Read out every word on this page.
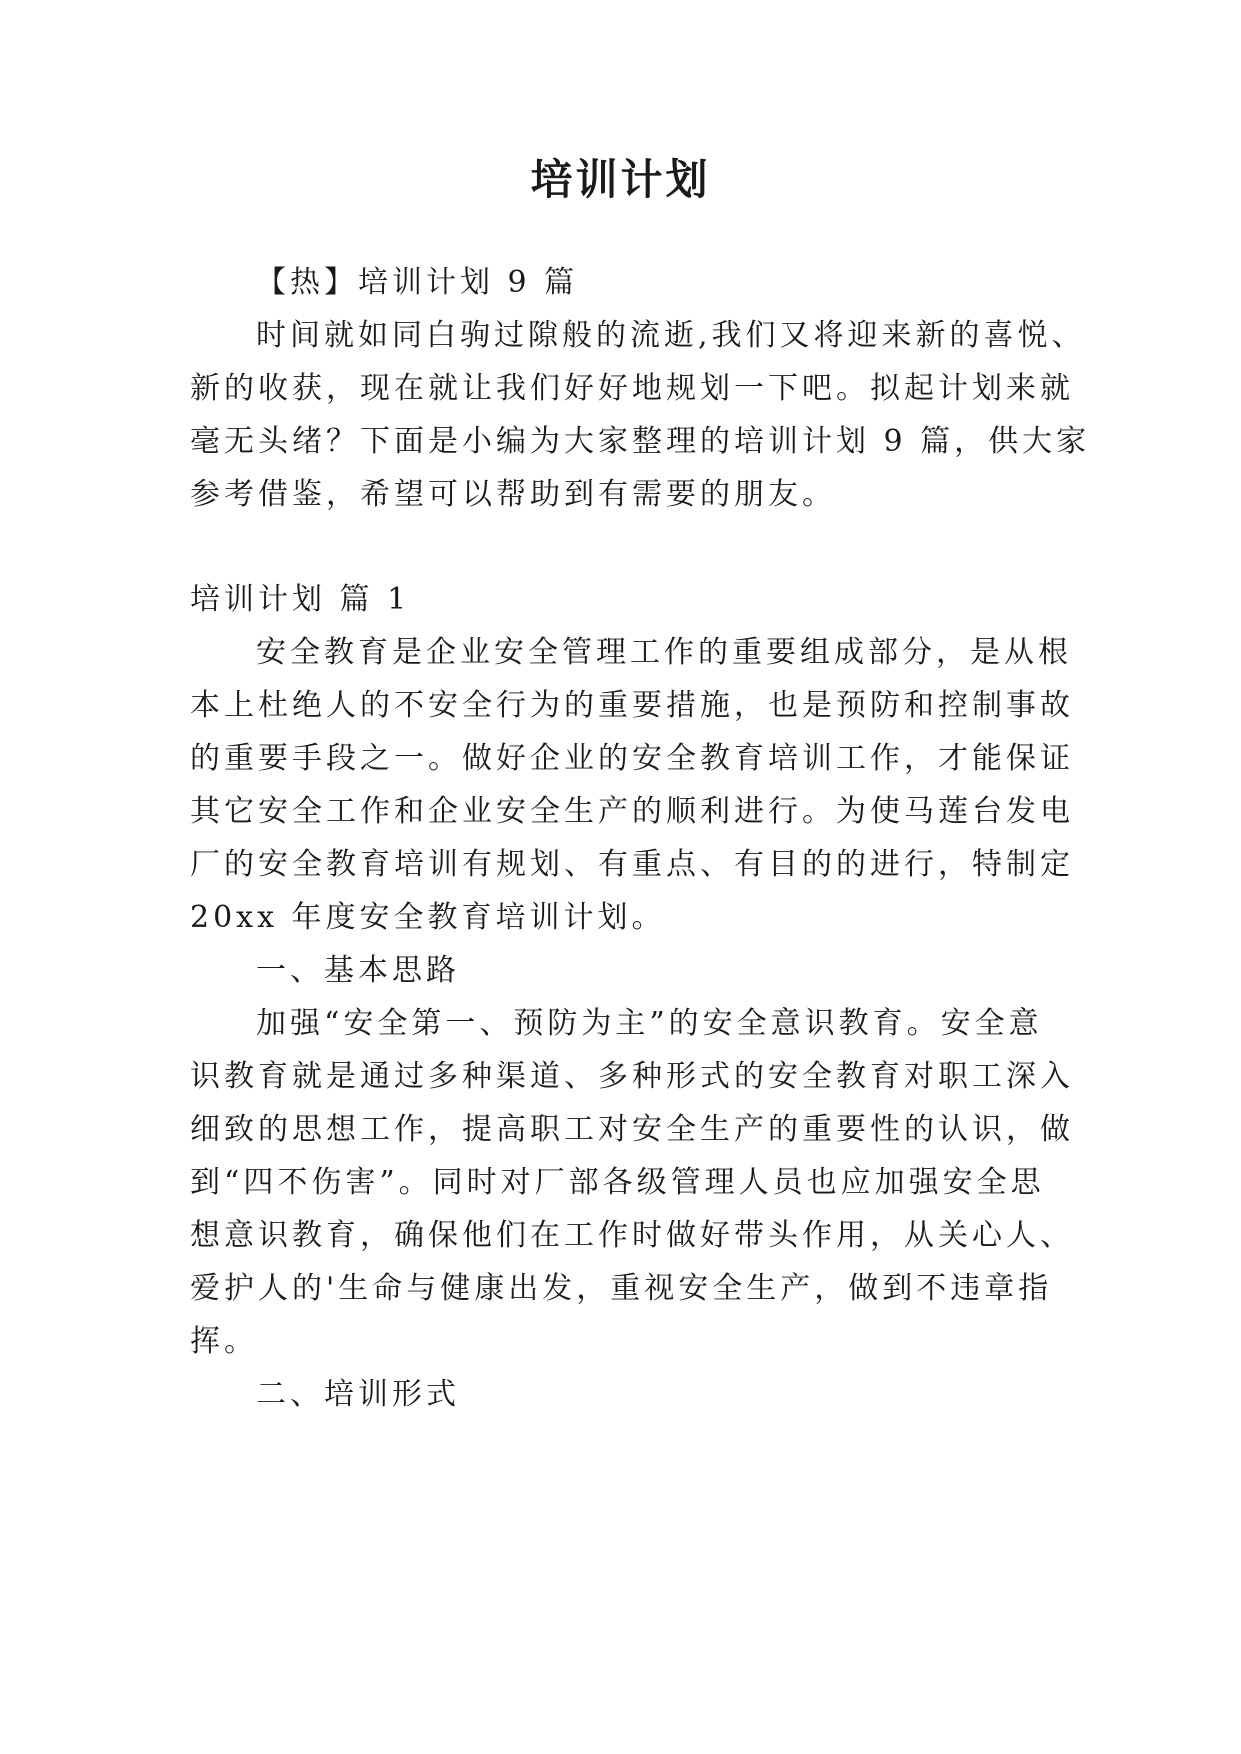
培训计划
【热】培训计划 9 篇
时间就如同白驹过隙般的流逝,我们又将迎来新的喜悦、
新的收获，现在就让我们好好地规划一下吧。拟起计划来就
毫无头绪？下面是小编为大家整理的培训计划 9 篇，供大家
参考借鉴，希望可以帮助到有需要的朋友。
培训计划 篇 1
安全教育是企业安全管理工作的重要组成部分，是从根
本上杜绝人的不安全行为的重要措施，也是预防和控制事故
的重要手段之一。做好企业的安全教育培训工作，才能保证
其它安全工作和企业安全生产的顺利进行。为使马莲台发电
厂的安全教育培训有规划、有重点、有目的的进行，特制定
20xx 年度安全教育培训计划。
一、基本思路
加强“安全第一、预防为主”的安全意识教育。安全意
识教育就是通过多种渠道、多种形式的安全教育对职工深入
细致的思想工作，提高职工对安全生产的重要性的认识，做
到“四不伤害”。同时对厂部各级管理人员也应加强安全思
想意识教育，确保他们在工作时做好带头作用，从关心人、
爱护人的'生命与健康出发，重视安全生产，做到不违章指
挥。
二、培训形式
